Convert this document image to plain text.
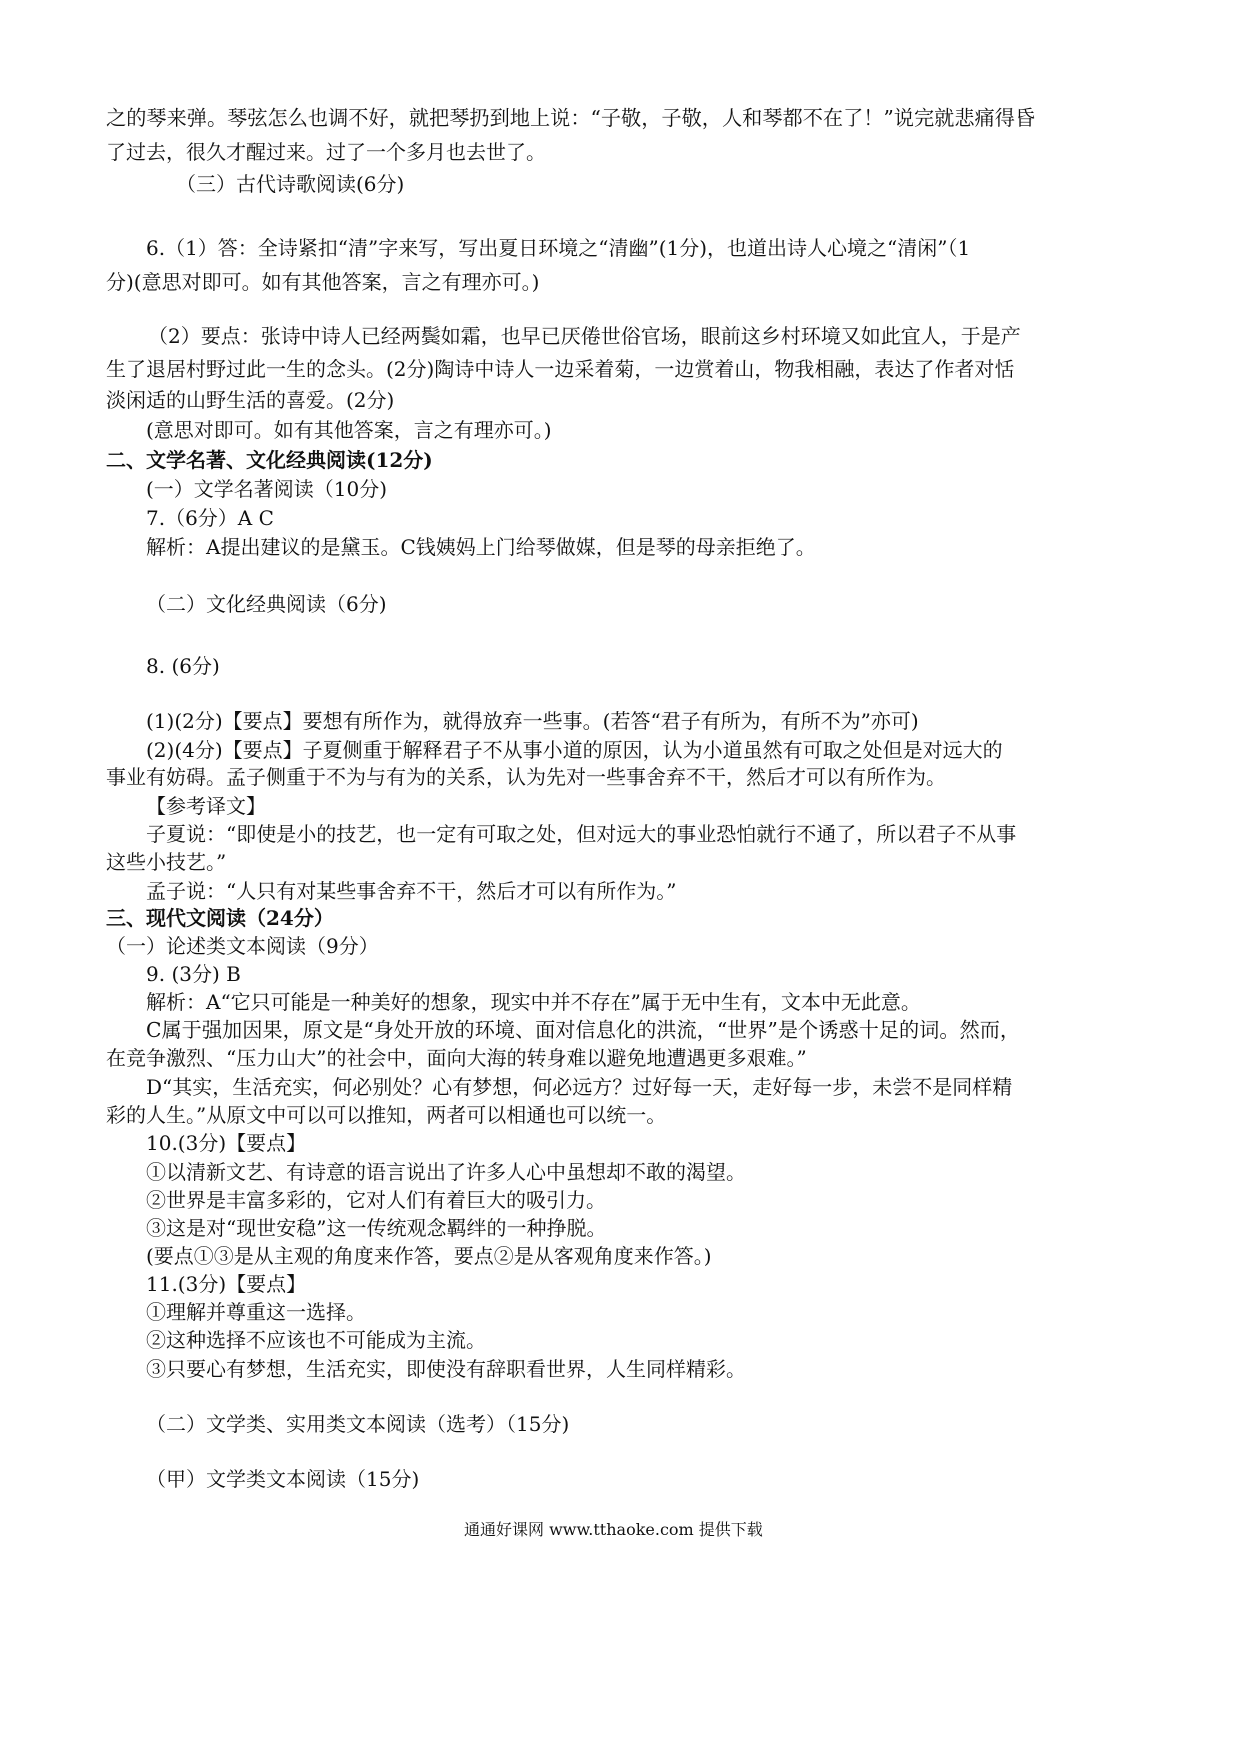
之的琴来弹。琴弦怎么也调不好，就把琴扔到地上说：“子敬，子敬，人和琴都不在了！”说完就悲痛得昏
了过去，很久才醒过来。过了一个多月也去世了。
（三）古代诗歌阅读(6分)
6.（1）答：全诗紧扣“清”字来写，写出夏日环境之“清幽”(1分)，也道出诗人心境之“清闲”（1
分)(意思对即可。如有其他答案，言之有理亦可。)
（2）要点：张诗中诗人已经两鬓如霜，也早已厌倦世俗官场，眼前这乡村环境又如此宜人，于是产
生了退居村野过此一生的念头。(2分)陶诗中诗人一边采着菊，一边赏着山，物我相融，表达了作者对恬
淡闲适的山野生活的喜爱。(2分)
(意思对即可。如有其他答案，言之有理亦可。)
二、文学名著、文化经典阅读(12分)
(一）文学名著阅读（10分)
7.（6分）A C
解析：A提出建议的是黛玉。C钱姨妈上门给琴做媒，但是琴的母亲拒绝了。
（二）文化经典阅读（6分)
8. (6分)
(1)(2分)【要点】要想有所作为，就得放弃一些事。(若答“君子有所为，有所不为”亦可)
(2)(4分)【要点】子夏侧重于解释君子不从事小道的原因，认为小道虽然有可取之处但是对远大的
事业有妨碍。孟子侧重于不为与有为的关系，认为先对一些事舍弃不干，然后才可以有所作为。
【参考译文】
子夏说：“即使是小的技艺，也一定有可取之处，但对远大的事业恐怕就行不通了，所以君子不从事
这些小技艺。”
孟子说：“人只有对某些事舍弃不干，然后才可以有所作为。”
三、现代文阅读（24分）
（一）论述类文本阅读（9分）
9. (3分) B
解析：A“它只可能是一种美好的想象，现实中并不存在”属于无中生有，文本中无此意。
C属于强加因果，原文是“身处开放的环境、面对信息化的洪流，“世界”是个诱惑十足的词。然而，
在竞争激烈、“压力山大”的社会中，面向大海的转身难以避免地遭遇更多艰难。”
D“其实，生活充实，何必别处？心有梦想，何必远方？过好每一天，走好每一步，未尝不是同样精
彩的人生。”从原文中可以可以推知，两者可以相通也可以统一。
10.(3分)【要点】
①以清新文艺、有诗意的语言说出了许多人心中虽想却不敢的渴望。
②世界是丰富多彩的，它对人们有着巨大的吸引力。
③这是对“现世安稳”这一传统观念羁绊的一种挣脱。
(要点①③是从主观的角度来作答，要点②是从客观角度来作答。)
11.(3分)【要点】
①理解并尊重这一选择。
②这种选择不应该也不可能成为主流。
③只要心有梦想，生活充实，即使没有辞职看世界，人生同样精彩。
（二）文学类、实用类文本阅读（选考）（15分)
（甲）文学类文本阅读（15分)
通通好课网 www.tthaoke.com 提供下载
